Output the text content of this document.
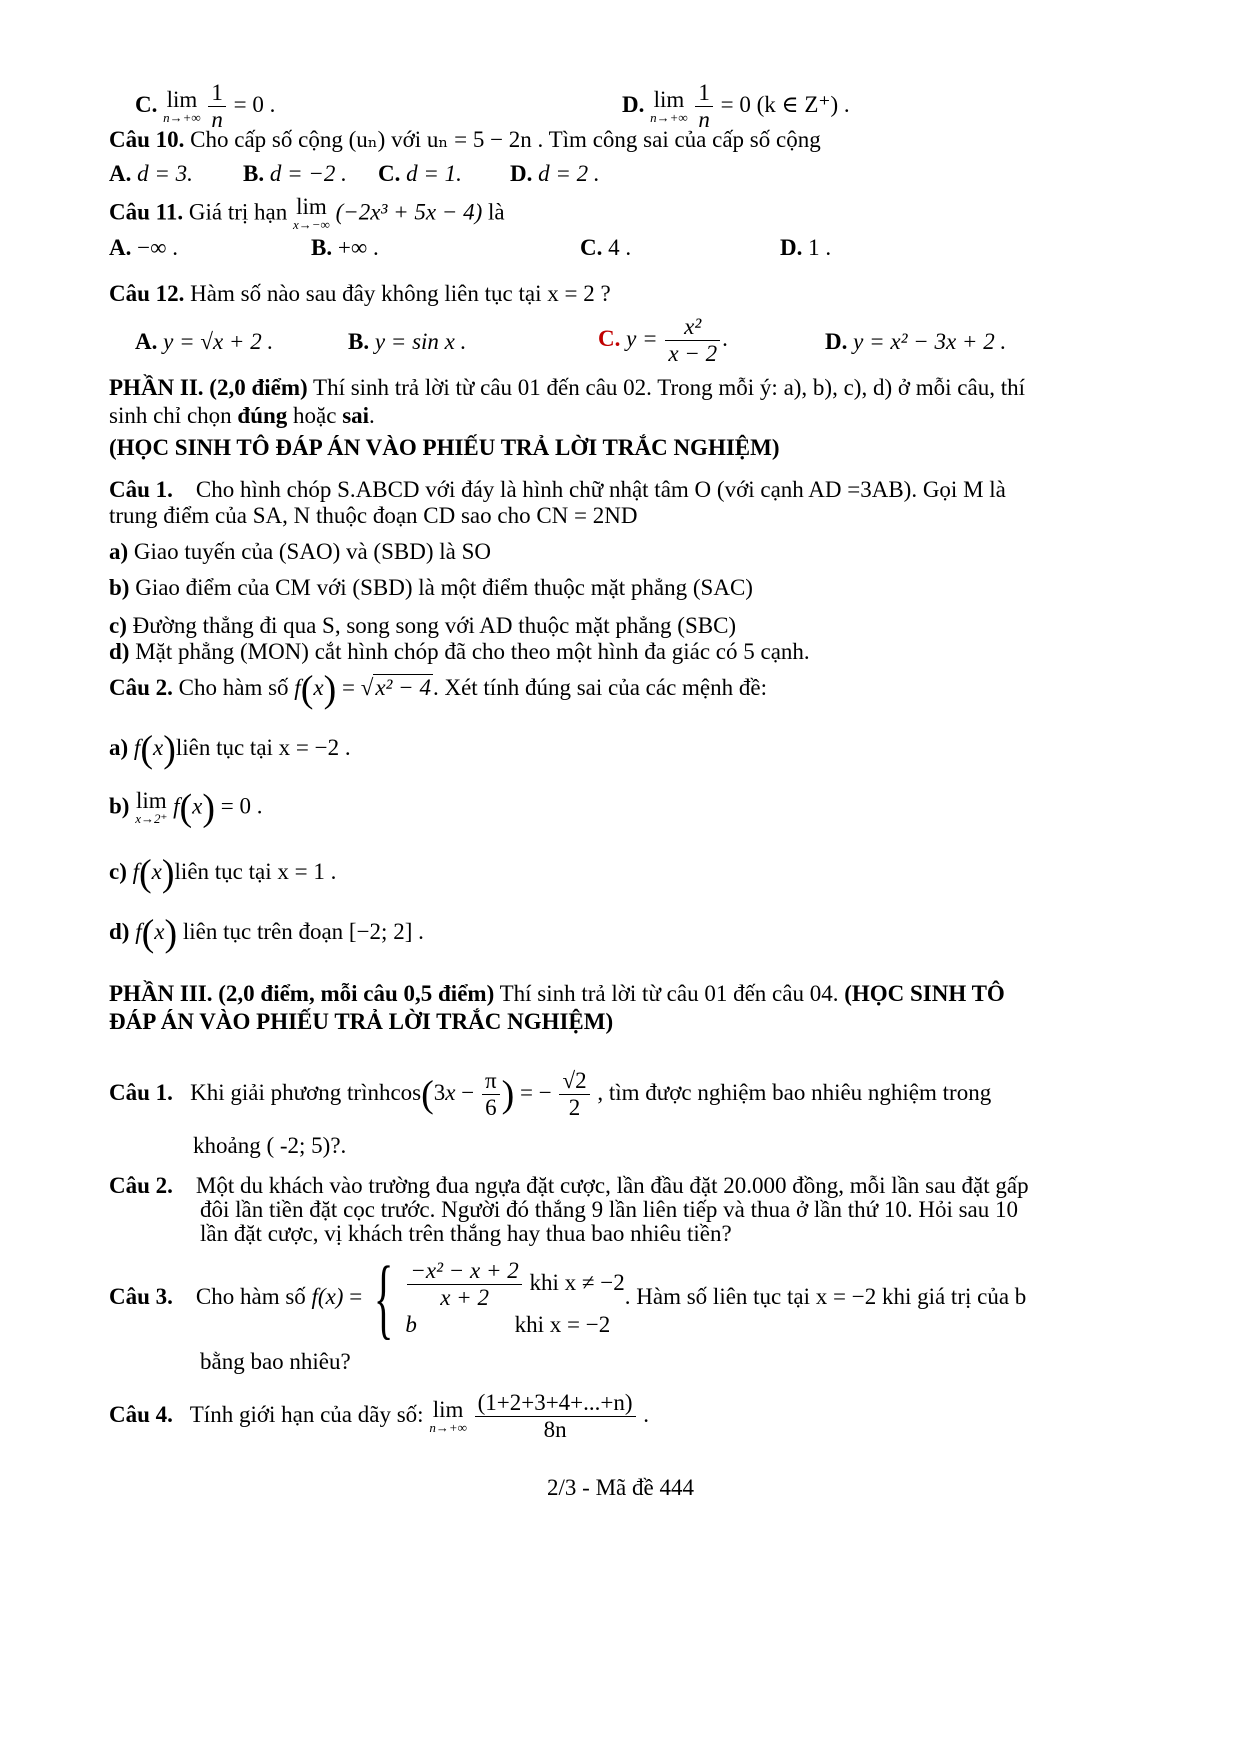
C. lim
n→+∞
$\frac{1}{n} = 0$ .	D. lim
n→+∞
$\frac{1}{n} = 0$ (k ∈ Z⁺) .
Câu 10. Cho cấp số cộng (uₙ) với uₙ = 5 − 2n . Tìm công sai của cấp số cộng
A. d = 3. B. d = −2 . C. d = 1. D. d = 2 .
Câu 11. Giá trị hạn lim
x→−∞
(−2x³ + 5x − 4) là
A. −∞ .	B. +∞ .	C. 4 .	D. 1 .
Câu 12. Hàm số nào sau đây không liên tục tại x = 2 ?
A. y = √x + 2 .	B. y = sin x .	C. $y = \frac{\text{x²}}{x - 2}$ .	D. y = x² − 3x + 2 .
PHẦN II. (2,0 điểm) Thí sinh trả lời từ câu 01 đến câu 02. Trong mỗi ý: a), b), c), d) ở mỗi câu, thí
sinh chỉ chọn đúng hoặc sai.
(HỌC SINH TÔ ĐÁP ÁN VÀO PHIẾU TRẢ LỜI TRẮC NGHIỆM)
Câu 1. Cho hình chóp S.ABCD với đáy là hình chữ nhật tâm O (với cạnh AD =3AB). Gọi M là
trung điểm của SA, N thuộc đoạn CD sao cho CN = 2ND
a) Giao tuyến của (SAO) và (SBD) là SO
b) Giao điểm của CM với (SBD) là một điểm thuộc mặt phẳng (SAC)
c) Đường thẳng đi qua S, song song với AD thuộc mặt phẳng (SBC)
d) Mặt phẳng (MON) cắt hình chóp đã cho theo một hình đa giác có 5 cạnh.
Câu 2. Cho hàm số f(x) = √x² − 4. Xét tính đúng sai của các mệnh đề:
a) f(x)liên tục tại x = −2 .
b) lim
x→2⁺
f(x) = 0 .
c) f(x)liên tục tại x = 1 .
d) f(x) liên tục trên đoạn [−2; 2] .
PHẦN III. (2,0 điểm, mỗi câu 0,5 điểm) Thí sinh trả lời từ câu 01 đến câu 04. (HỌC SINH TÔ
ĐÁP ÁN VÀO PHIẾU TRẢ LỜI TRẮC NGHIỆM)
Câu 1. Khi giải phương trìnhcos(3x − $\frac{\pi}{6}$ ) = − $\frac{√2}{2}$ , tìm được nghiệm bao nhiêu nghiệm trong
khoảng ( -2; 5)?.
Câu 2. Một du khách vào trường đua ngựa đặt cược, lần đầu đặt 20.000 đồng, mỗi lần sau đặt gấp
đôi lần tiền đặt cọc trước. Người đó thắng 9 lần liên tiếp và thua ở lần thứ 10. Hỏi sau 10
lần đặt cược, vị khách trên thắng hay thua bao nhiêu tiền?
Câu 3. Cho hàm số f(x) = { $\frac{\text{−x² − x + 2}}{x + 2}$ khi x ≠ −2
b	khi x = −2
. Hàm số liên tục tại x = −2 khi giá trị của b
bằng bao nhiêu?
Câu 4. Tính giới hạn của dãy số: lim
n→+∞
$\frac{(1+2+3+4+...+n)}{8n}$ .
2/3 - Mã đề 444
